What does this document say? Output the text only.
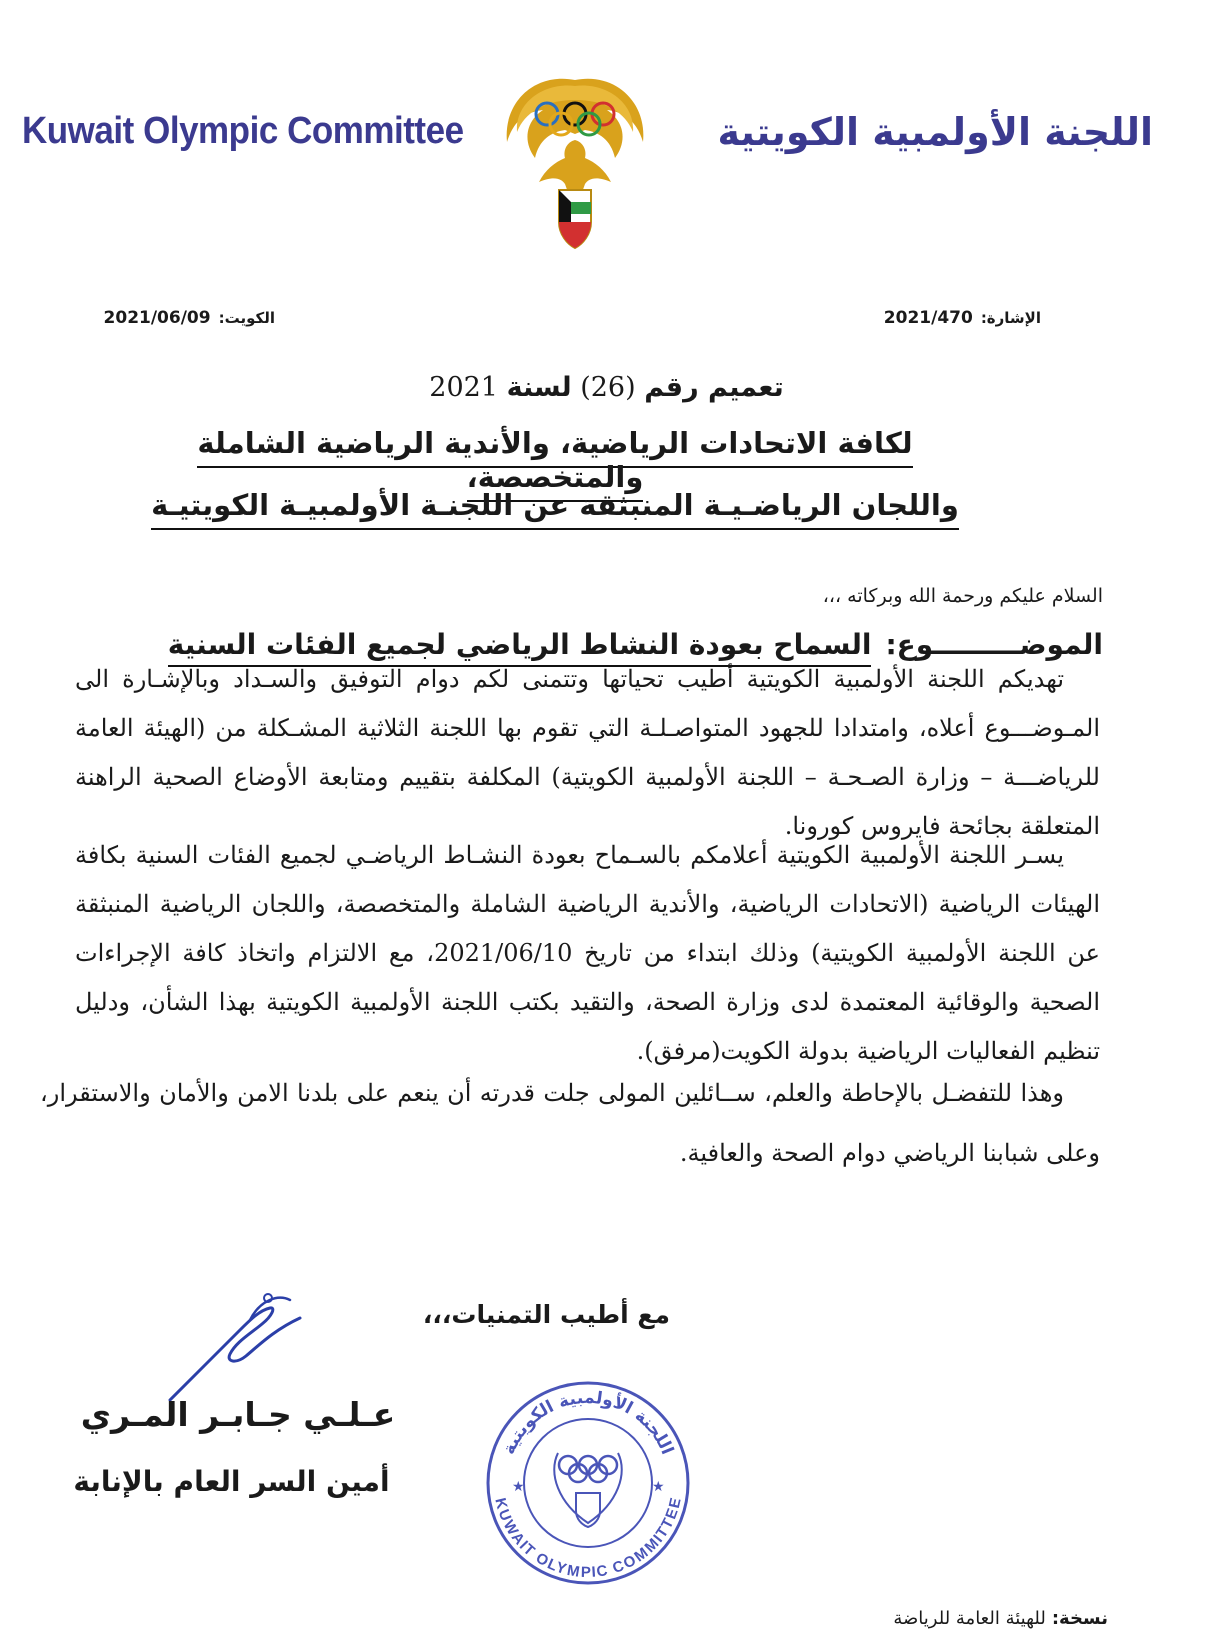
Kuwait Olympic Committee	اللجنة الأولمبية الكويتية
الإشارة:2021/470
الكويت:2021/06/09
تعميم رقم (26) لسنة 2021
لكافة الاتحادات الرياضية، والأندية الرياضية الشاملة والمتخصصة،
واللجان الرياضـيـة المنبثقة عن اللجنـة الأولمبيـة الكويتيـة
السلام عليكم ورحمة الله وبركاته ،،،
الموضـــــــــوع:السماح بعودة النشاط الرياضي لجميع الفئات السنية

تهديكم اللجنة الأولمبية الكويتية أطيب تحياتها وتتمنى لكم دوام التوفيق والسـداد وبالإشـارة الى المـوضـــوع أعلاه، وامتدادا للجهود المتواصـلـة التي تقوم بها اللجنة الثلاثية المشـكلة من (الهيئة العامة للرياضـــة – وزارة الصـحـة – اللجنة الأولمبية الكويتية) المكلفة بتقييم ومتابعة الأوضاع الصحية الراهنة المتعلقة بجائحة فايروس كورونا.

يسـر اللجنة الأولمبية الكويتية أعلامكم بالسـماح بعودة النشـاط الرياضـي لجميع الفئات السنية بكافة الهيئات الرياضية (الاتحادات الرياضية، والأندية الرياضية الشاملة والمتخصصة، واللجان الرياضية المنبثقة عن اللجنة الأولمبية الكويتية) وذلك ابتداء من تاريخ 2021/06/10، مع الالتزام واتخاذ كافة الإجراءات الصحية والوقائية المعتمدة لدى وزارة الصحة، والتقيد بكتب اللجنة الأولمبية الكويتية بهذا الشأن، ودليل تنظيم الفعاليات الرياضية بدولة الكويت(مرفق).

وهذا للتفضـل بالإحاطة والعلم، ســائلين المولى جلت قدرته أن ينعم على بلدنا الامن والأمان والاستقرار، وعلى شبابنا الرياضي دوام الصحة والعافية.

مع أطيب التمنيات،،،
عـلـي جـابـر المـري
أمين السر العام بالإنابة
اللجنة الأولمبية الكويتية
KUWAIT OLYMPIC COMMITTEE
★	★
نسخة:للهيئة العامة للرياضة
